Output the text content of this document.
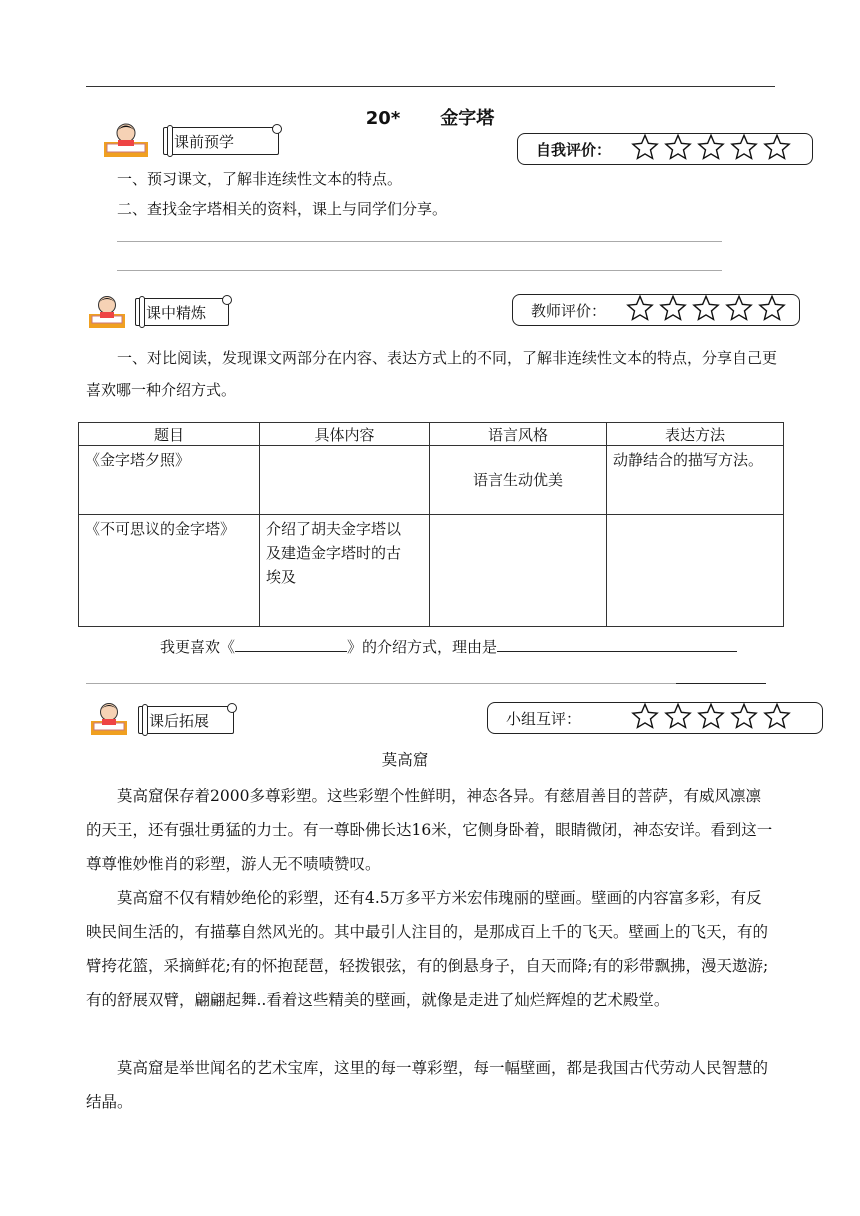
20* 金字塔
课前预学	自我评价：

一、预习课文，了解非连续性文本的特点。

二、查找金字塔相关的资料，课上与同学们分享。

课中精炼	教师评价：

一、对比阅读，发现课文两部分在内容、表达方式上的不同，了解非连续性文本的特点，分享自己更喜欢哪一种介绍方式。

题目	具体内容	语言风格	表达方法
《金字塔夕照》		语言生动优美	动静结合的描写方法。
《不可思议的金字塔》	介绍了胡夫金字塔以及建造金字塔时的古埃及		
我更喜欢《	》的介绍方式，理由是
课后拓展	小组互评：
莫高窟

莫高窟保存着2000多尊彩塑。这些彩塑个性鲜明，神态各异。有慈眉善目的菩萨，有威风凛凛的天王，还有强壮勇猛的力士。有一尊卧佛长达16米，它侧身卧着，眼睛微闭，神态安详。看到这一尊尊惟妙惟肖的彩塑，游人无不啧啧赞叹。

莫高窟不仅有精妙绝伦的彩塑，还有4.5万多平方米宏伟瑰丽的壁画。壁画的内容富多彩，有反映民间生活的，有描摹自然风光的。其中最引人注目的，是那成百上千的飞天。壁画上的飞天，有的臂挎花篮，采摘鲜花;有的怀抱琵琶，轻拨银弦，有的倒悬身子，自天而降;有的彩带飘拂，漫天遨游;有的舒展双臂，翩翩起舞..看着这些精美的壁画，就像是走进了灿烂辉煌的艺术殿堂。

莫高窟是举世闻名的艺术宝库，这里的每一尊彩塑，每一幅壁画，都是我国古代劳动人民智慧的结晶。
